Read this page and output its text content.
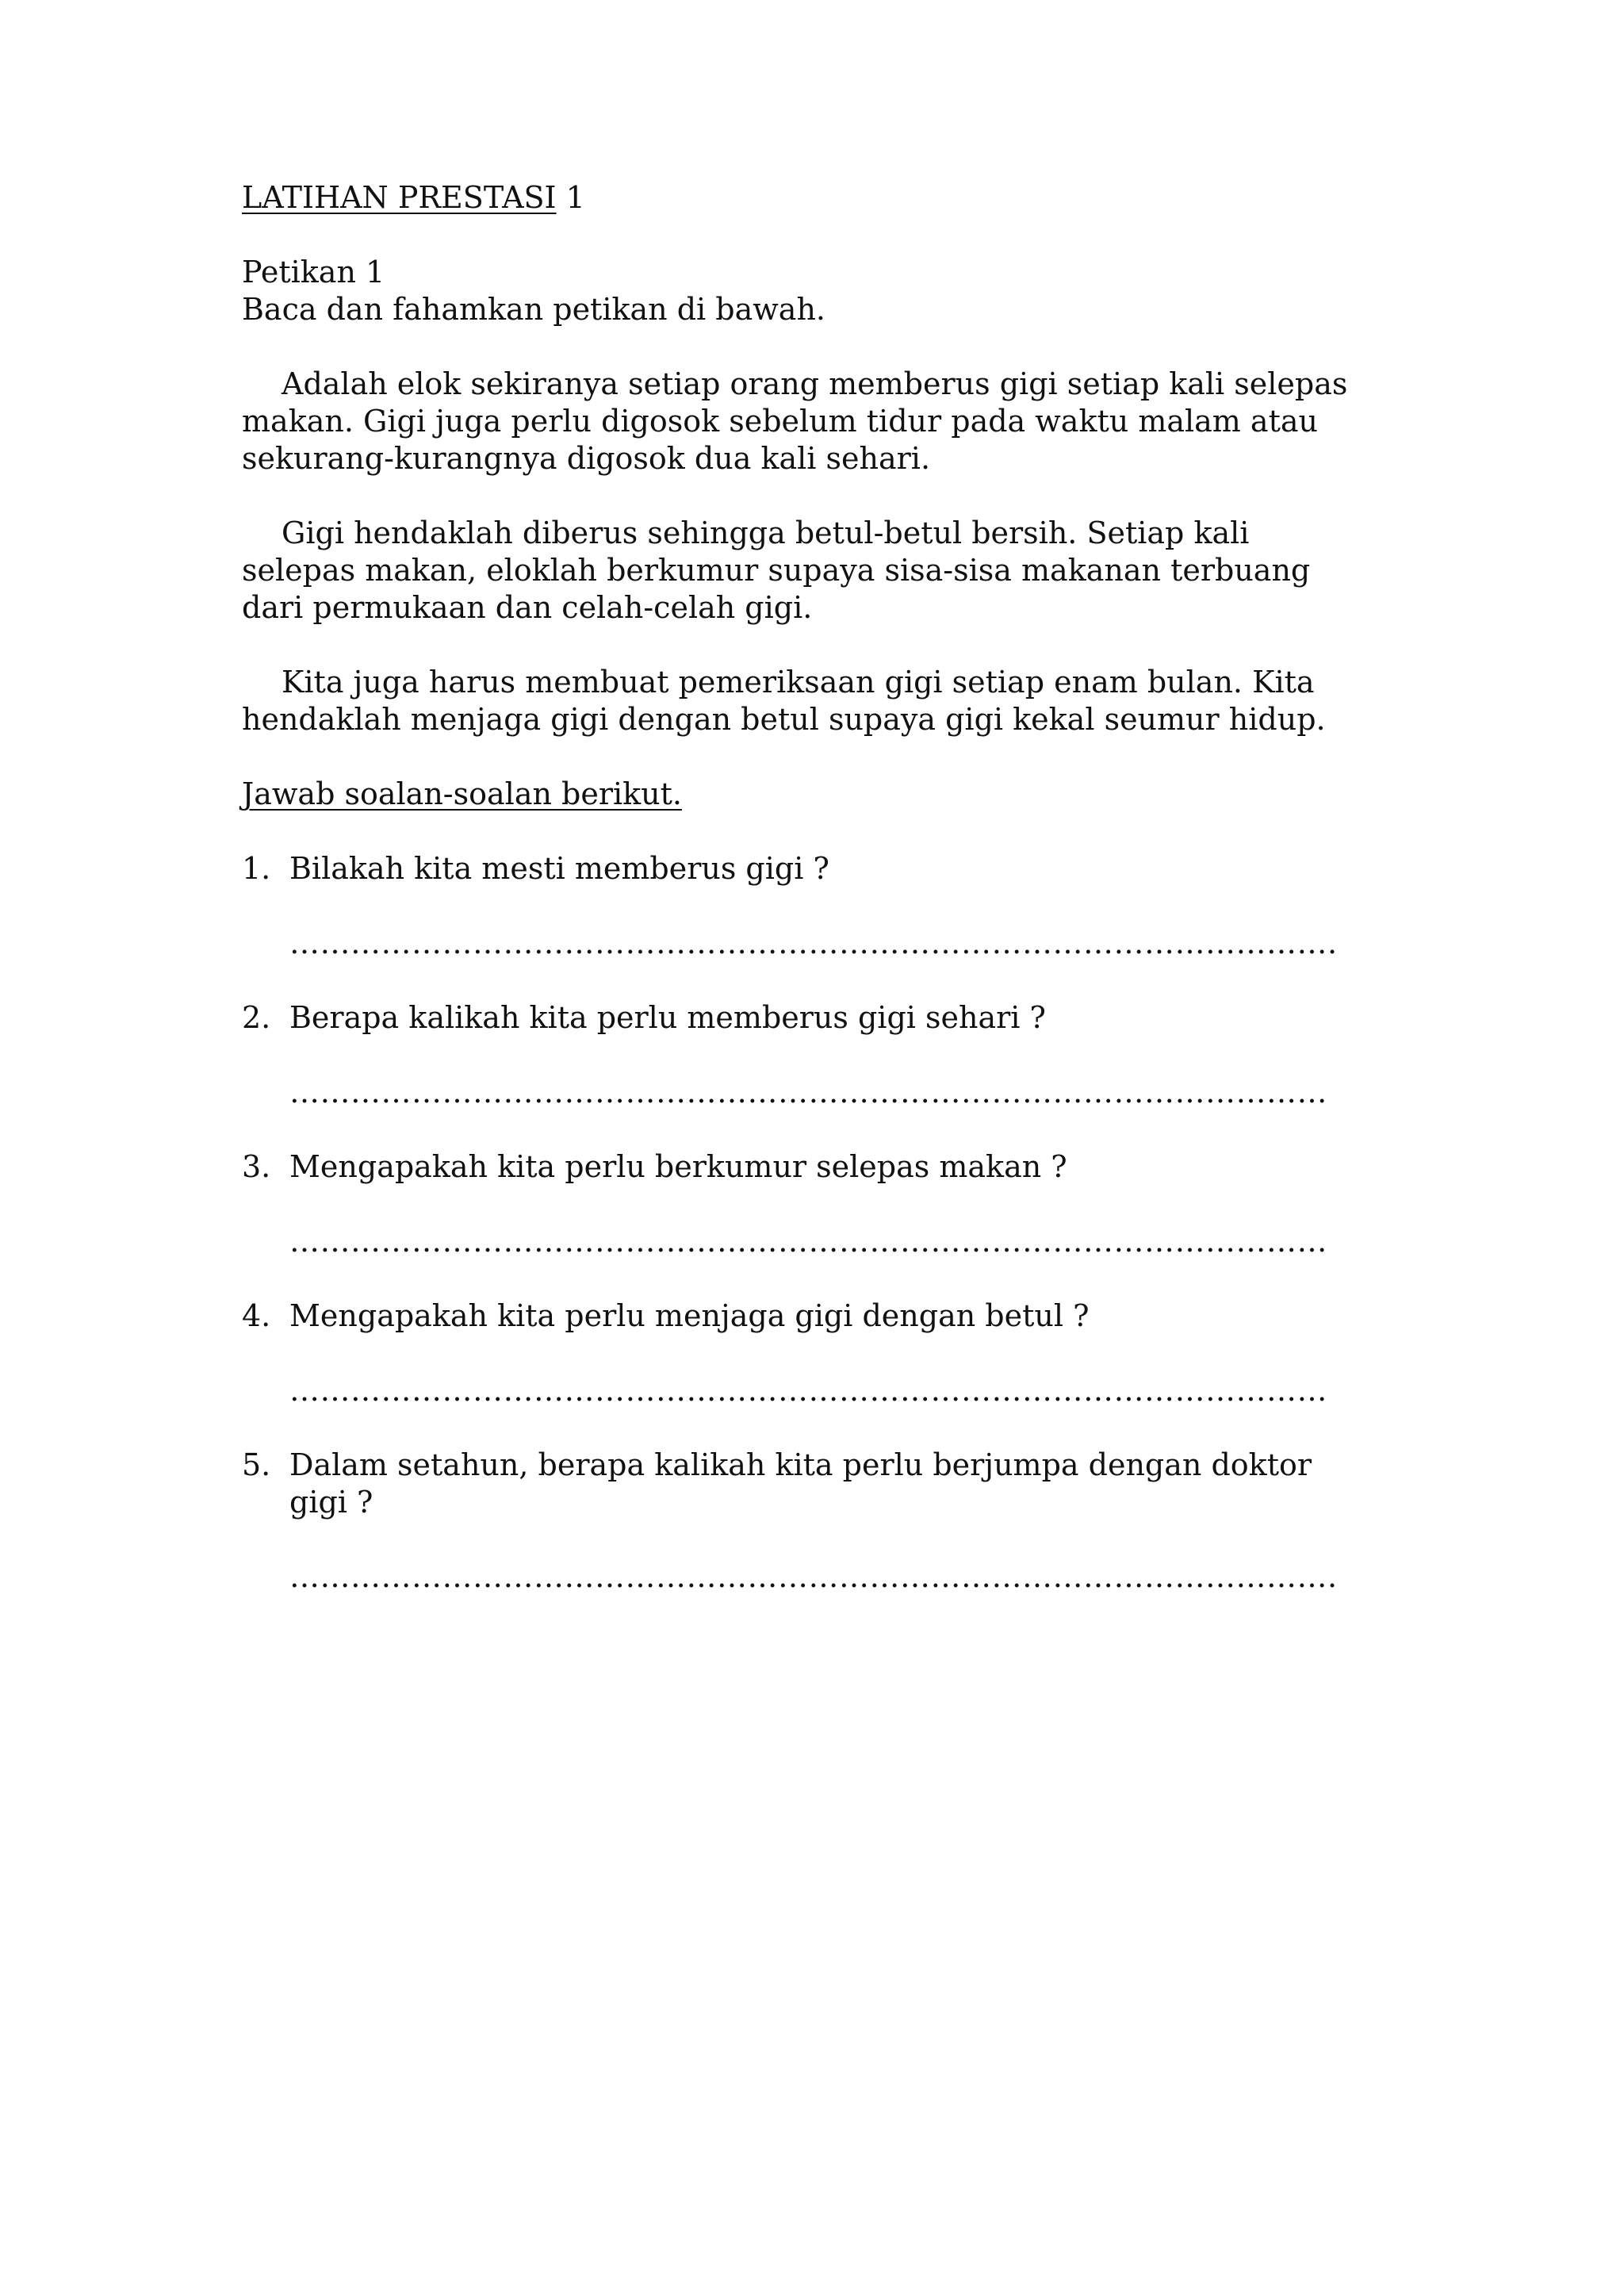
LATIHAN PRESTASI 1
Petikan 1
Baca dan fahamkan petikan di bawah.
Adalah elok sekiranya setiap orang memberus gigi setiap kali selepas
makan. Gigi juga perlu digosok sebelum tidur pada waktu malam atau
sekurang-kurangnya digosok dua kali sehari.
Gigi hendaklah diberus sehingga betul-betul bersih. Setiap kali
selepas makan, eloklah berkumur supaya sisa-sisa makanan terbuang
dari permukaan dan celah-celah gigi.
Kita juga harus membuat pemeriksaan gigi setiap enam bulan. Kita
hendaklah menjaga gigi dengan betul supaya gigi kekal seumur hidup.
Jawab soalan-soalan berikut.
1. Bilakah kita mesti memberus gigi ?
………………………………………………………………………………………….
2. Berapa kalikah kita perlu memberus gigi sehari ?
…………………………………………………………………………………………
3. Mengapakah kita perlu berkumur selepas makan ?
…………………………………………………………………………………………
4. Mengapakah kita perlu menjaga gigi dengan betul ?
…………………………………………………………………………………………
5. Dalam setahun, berapa kalikah kita perlu berjumpa dengan doktor
gigi ?
………………………………………………………………………………………….
